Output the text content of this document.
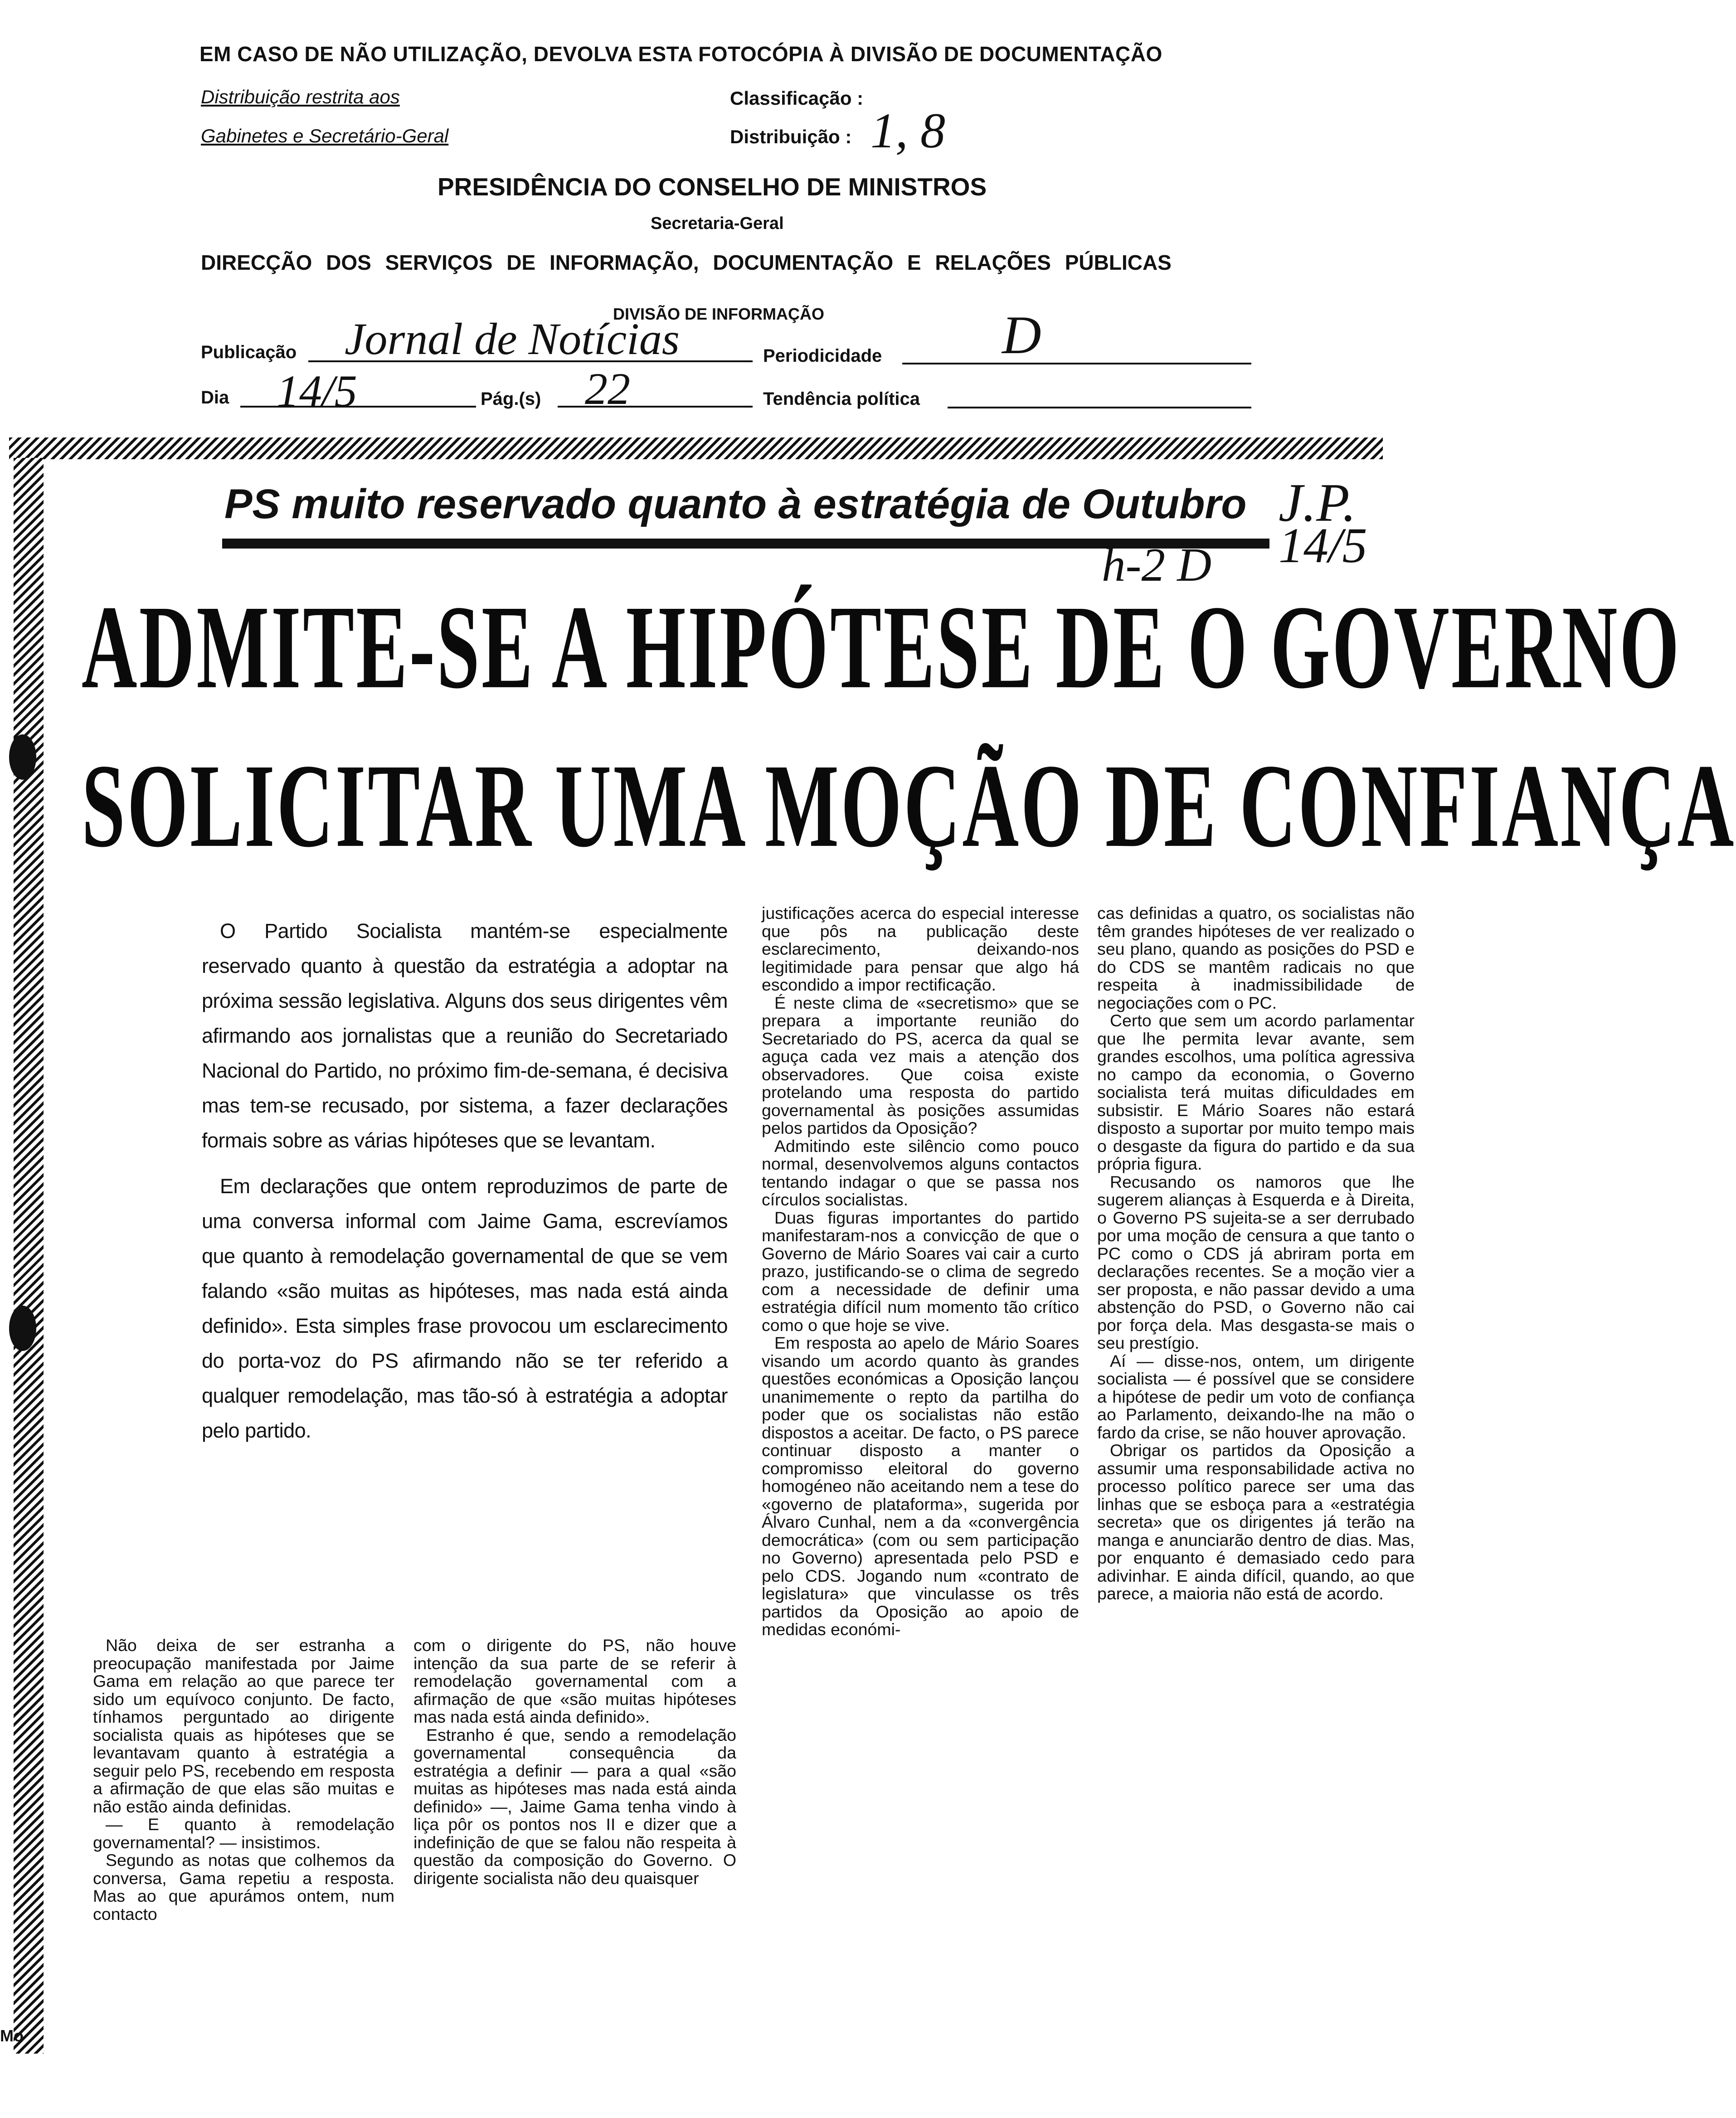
EM CASO DE NÃO UTILIZAÇÃO, DEVOLVA ESTA FOTOCÓPIA À DIVISÃO DE DOCUMENTAÇÃO
Distribuição restrita aos
Gabinetes e Secretário-Geral
Classificação :
Distribuição : 1, 8
PRESIDÊNCIA DO CONSELHO DE MINISTROS
Secretaria-Geral
DIRECÇÃO DOS SERVIÇOS DE INFORMAÇÃO, DOCUMENTAÇÃO E RELAÇÕES PÚBLICAS
DIVISÃO DE INFORMAÇÃO
Publicação Jornal de Notícias	Periodicidade D
Dia 14/5	Pág.(s) 22	Tendência política
Mo
PS muito reservado quanto à estratégia de Outubro J.P.
h-2 D 14/5
ADMITE-SE A HIPÓTESE DE O GOVERNO
SOLICITAR UMA MOÇÃO DE CONFIANÇA

O Partido Socialista mantém-se especialmente reservado quanto à questão da estratégia a adoptar na próxima sessão legislativa. Alguns dos seus dirigentes vêm afirmando aos jornalistas que a reunião do Secretariado Nacional do Partido, no próximo fim-de-semana, é decisiva mas tem-se recusado, por sistema, a fazer declarações formais sobre as várias hipóteses que se levantam.

Em declarações que ontem reproduzimos de parte de uma conversa informal com Jaime Gama, escrevíamos que quanto à remodelação governamental de que se vem falando «são muitas as hipóteses, mas nada está ainda definido». Esta simples frase provocou um esclarecimento do porta-voz do PS afirmando não se ter referido a qualquer remodelação, mas tão-só à estratégia a adoptar pelo partido.

Não deixa de ser estranha a preocupação manifestada por Jaime Gama em relação ao que parece ter sido um equívoco conjunto. De facto, tínhamos perguntado ao dirigente socialista quais as hipóteses que se levantavam quanto à estratégia a seguir pelo PS, recebendo em resposta a afirmação de que elas são muitas e não estão ainda definidas.

— E quanto à remodelação governamental? — insistimos.

Segundo as notas que colhemos da conversa, Gama repetiu a resposta. Mas ao que apurámos ontem, num contacto

com o dirigente do PS, não houve intenção da sua parte de se referir à remodelação governamental com a afirmação de que «são muitas hipóteses mas nada está ainda definido».

Estranho é que, sendo a remodelação governamental consequência da estratégia a definir — para a qual «são muitas as hipóteses mas nada está ainda definido» —, Jaime Gama tenha vindo à liça pôr os pontos nos II e dizer que a indefinição de que se falou não respeita à questão da composição do Governo. O dirigente socialista não deu quaisquer

justificações acerca do especial interesse que pôs na publicação deste esclarecimento, deixando-nos legitimidade para pensar que algo há escondido a impor rectificação.

É neste clima de «secretismo» que se prepara a importante reunião do Secretariado do PS, acerca da qual se aguça cada vez mais a atenção dos observadores. Que coisa existe protelando uma resposta do partido governamental às posições assumidas pelos partidos da Oposição?

Admitindo este silêncio como pouco normal, desenvolvemos alguns contactos tentando indagar o que se passa nos círculos socialistas.

Duas figuras importantes do partido manifestaram-nos a convicção de que o Governo de Mário Soares vai cair a curto prazo, justificando-se o clima de segredo com a necessidade de definir uma estratégia difícil num momento tão crítico como o que hoje se vive.

Em resposta ao apelo de Mário Soares visando um acordo quanto às grandes questões económicas a Oposição lançou unanimemente o repto da partilha do poder que os socialistas não estão dispostos a aceitar. De facto, o PS parece continuar disposto a manter o compromisso eleitoral do governo homogéneo não aceitando nem a tese do «governo de plataforma», sugerida por Álvaro Cunhal, nem a da «convergência democrática» (com ou sem participação no Governo) apresentada pelo PSD e pelo CDS. Jogando num «contrato de legislatura» que vinculasse os três partidos da Oposição ao apoio de medidas económi-

cas definidas a quatro, os socialistas não têm grandes hipóteses de ver realizado o seu plano, quando as posições do PSD e do CDS se mantêm radicais no que respeita à inadmissibilidade de negociações com o PC.

Certo que sem um acordo parlamentar que lhe permita levar avante, sem grandes escolhos, uma política agressiva no campo da economia, o Governo socialista terá muitas dificuldades em subsistir. E Mário Soares não estará disposto a suportar por muito tempo mais o desgaste da figura do partido e da sua própria figura.

Recusando os namoros que lhe sugerem alianças à Esquerda e à Direita, o Governo PS sujeita-se a ser derrubado por uma moção de censura a que tanto o PC como o CDS já abriram porta em declarações recentes. Se a moção vier a ser proposta, e não passar devido a uma abstenção do PSD, o Governo não cai por força dela. Mas desgasta-se mais o seu prestígio.

Aí — disse-nos, ontem, um dirigente socialista — é possível que se considere a hipótese de pedir um voto de confiança ao Parlamento, deixando-lhe na mão o fardo da crise, se não houver aprovação.

Obrigar os partidos da Oposição a assumir uma responsabilidade activa no processo político parece ser uma das linhas que se esboça para a «estratégia secreta» que os dirigentes já terão na manga e anunciarão dentro de dias. Mas, por enquanto é demasiado cedo para adivinhar. E ainda difícil, quando, ao que parece, a maioria não está de acordo.
